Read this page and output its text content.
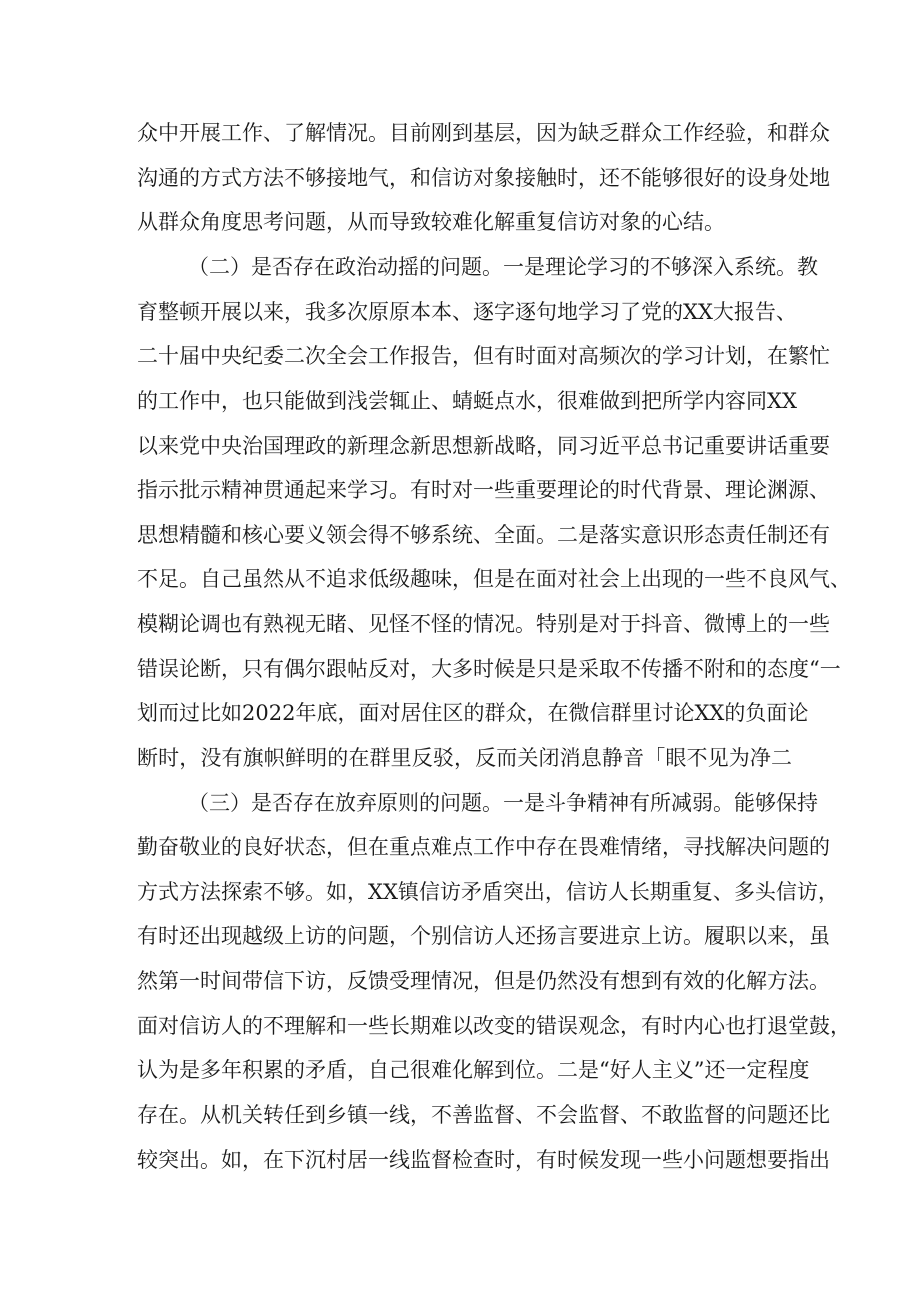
众中开展工作、了解情况。目前刚到基层，因为缺乏群众工作经验，和群众
沟通的方式方法不够接地气，和信访对象接触时，还不能够很好的设身处地
从群众角度思考问题，从而导致较难化解重复信访对象的心结。
（二）是否存在政治动摇的问题。一是理论学习的不够深入系统。教
育整顿开展以来，我多次原原本本、逐字逐句地学习了党的XX大报告、
二十届中央纪委二次全会工作报告，但有时面对高频次的学习计划，在繁忙
的工作中，也只能做到浅尝辄止、蜻蜓点水，很难做到把所学内容同XX
以来党中央治国理政的新理念新思想新战略，同习近平总书记重要讲话重要
指示批示精神贯通起来学习。有时对一些重要理论的时代背景、理论渊源、
思想精髓和核心要义领会得不够系统、全面。二是落实意识形态责任制还有
不足。自己虽然从不追求低级趣味，但是在面对社会上出现的一些不良风气、
模糊论调也有熟视无睹、见怪不怪的情况。特别是对于抖音、微博上的一些
错误论断，只有偶尔跟帖反对，大多时候是只是采取不传播不附和的态度“一
划而过比如2022年底，面对居住区的群众，在微信群里讨论XX的负面论
断时，没有旗帜鲜明的在群里反驳，反而关闭消息静音「眼不见为净二
（三）是否存在放弃原则的问题。一是斗争精神有所减弱。能够保持
勤奋敬业的良好状态，但在重点难点工作中存在畏难情绪，寻找解决问题的
方式方法探索不够。如，XX镇信访矛盾突出，信访人长期重复、多头信访，
有时还出现越级上访的问题，个别信访人还扬言要进京上访。履职以来，虽
然第一时间带信下访，反馈受理情况，但是仍然没有想到有效的化解方法。
面对信访人的不理解和一些长期难以改变的错误观念，有时内心也打退堂鼓，
认为是多年积累的矛盾，自己很难化解到位。二是“好人主义”还一定程度
存在。从机关转任到乡镇一线，不善监督、不会监督、不敢监督的问题还比
较突出。如，在下沉村居一线监督检查时，有时候发现一些小问题想要指出
